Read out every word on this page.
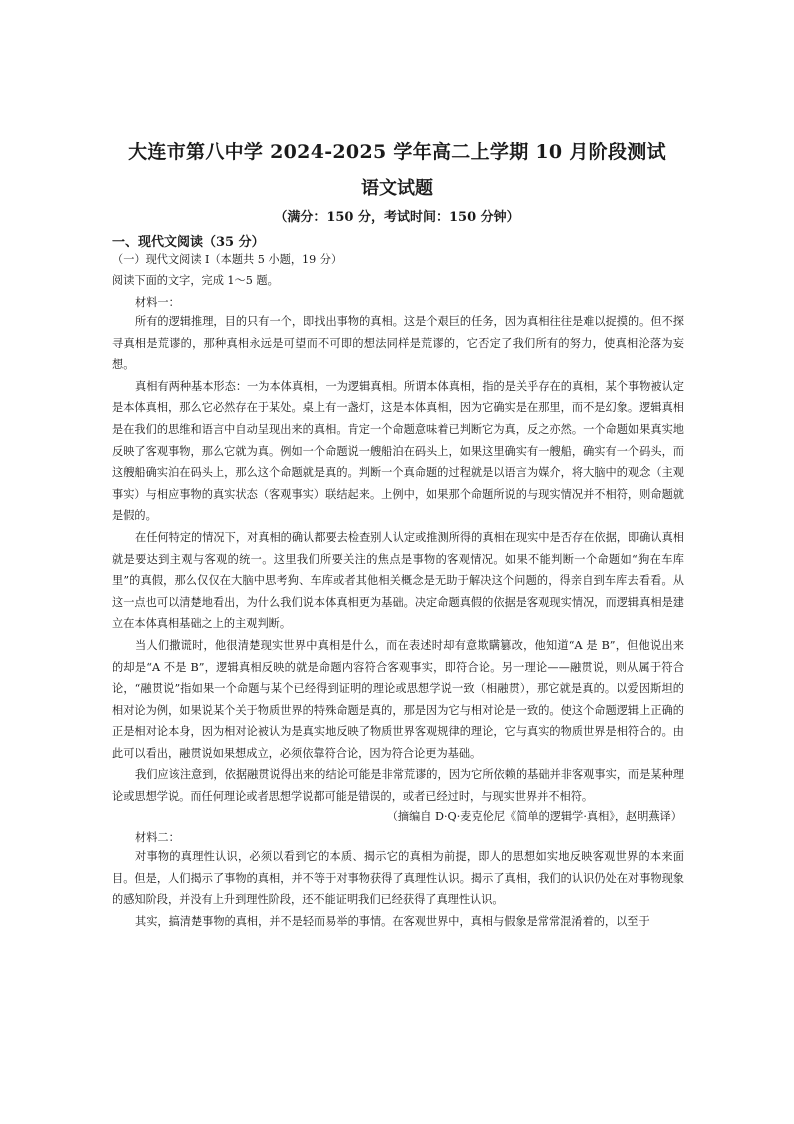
大连市第八中学 2024-2025 学年高二上学期 10 月阶段测试
语文试题
（满分：150 分，考试时间：150 分钟）
一、现代文阅读（35 分）
（一）现代文阅读 I（本题共 5 小题，19 分）
阅读下面的文字，完成 1～5 题。
材料一：

所有的逻辑推理，目的只有一个，即找出事物的真相。这是个艰巨的任务，因为真相往往是难以捉摸的。但不探寻真相是荒谬的，那种真相永远是可望而不可即的想法同样是荒谬的，它否定了我们所有的努力，使真相沦落为妄想。

真相有两种基本形态：一为本体真相，一为逻辑真相。所谓本体真相，指的是关乎存在的真相，某个事物被认定是本体真相，那么它必然存在于某处。桌上有一盏灯，这是本体真相，因为它确实是在那里，而不是幻象。逻辑真相是在我们的思维和语言中自动呈现出来的真相。肯定一个命题意味着已判断它为真，反之亦然。一个命题如果真实地反映了客观事物，那么它就为真。例如一个命题说一艘船泊在码头上，如果这里确实有一艘船，确实有一个码头，而这艘船确实泊在码头上，那么这个命题就是真的。判断一个真命题的过程就是以语言为媒介，将大脑中的观念（主观事实）与相应事物的真实状态（客观事实）联结起来。上例中，如果那个命题所说的与现实情况并不相符，则命题就是假的。

在任何特定的情况下，对真相的确认都要去检查别人认定或推测所得的真相在现实中是否存在依据，即确认真相就是要达到主观与客观的统一。这里我们所要关注的焦点是事物的客观情况。如果不能判断一个命题如“狗在车库里”的真假，那么仅仅在大脑中思考狗、车库或者其他相关概念是无助于解决这个问题的，得亲自到车库去看看。从这一点也可以清楚地看出，为什么我们说本体真相更为基础。决定命题真假的依据是客观现实情况，而逻辑真相是建立在本体真相基础之上的主观判断。

当人们撒谎时，他很清楚现实世界中真相是什么，而在表述时却有意欺瞒篡改，他知道“A 是 B”，但他说出来的却是“A 不是 B”，逻辑真相反映的就是命题内容符合客观事实，即符合论。另一理论——融贯说，则从属于符合论，“融贯说”指如果一个命题与某个已经得到证明的理论或思想学说一致（相融贯），那它就是真的。以爱因斯坦的相对论为例，如果说某个关于物质世界的特殊命题是真的，那是因为它与相对论是一致的。使这个命题逻辑上正确的正是相对论本身，因为相对论被认为是真实地反映了物质世界客观规律的理论，它与真实的物质世界是相符合的。由此可以看出，融贯说如果想成立，必须依靠符合论，因为符合论更为基础。

我们应该注意到，依据融贯说得出来的结论可能是非常荒谬的，因为它所依赖的基础并非客观事实，而是某种理论或思想学说。而任何理论或者思想学说都可能是错误的，或者已经过时，与现实世界并不相符。

（摘编自 D·Q·麦克伦尼《简单的逻辑学·真相》，赵明燕译）
材料二：

对事物的真理性认识，必须以看到它的本质、揭示它的真相为前提，即人的思想如实地反映客观世界的本来面目。但是，人们揭示了事物的真相，并不等于对事物获得了真理性认识。揭示了真相，我们的认识仍处在对事物现象的感知阶段，并没有上升到理性阶段，还不能证明我们已经获得了真理性认识。

其实，搞清楚事物的真相，并不是轻而易举的事情。在客观世界中，真相与假象是常常混淆着的，以至于
